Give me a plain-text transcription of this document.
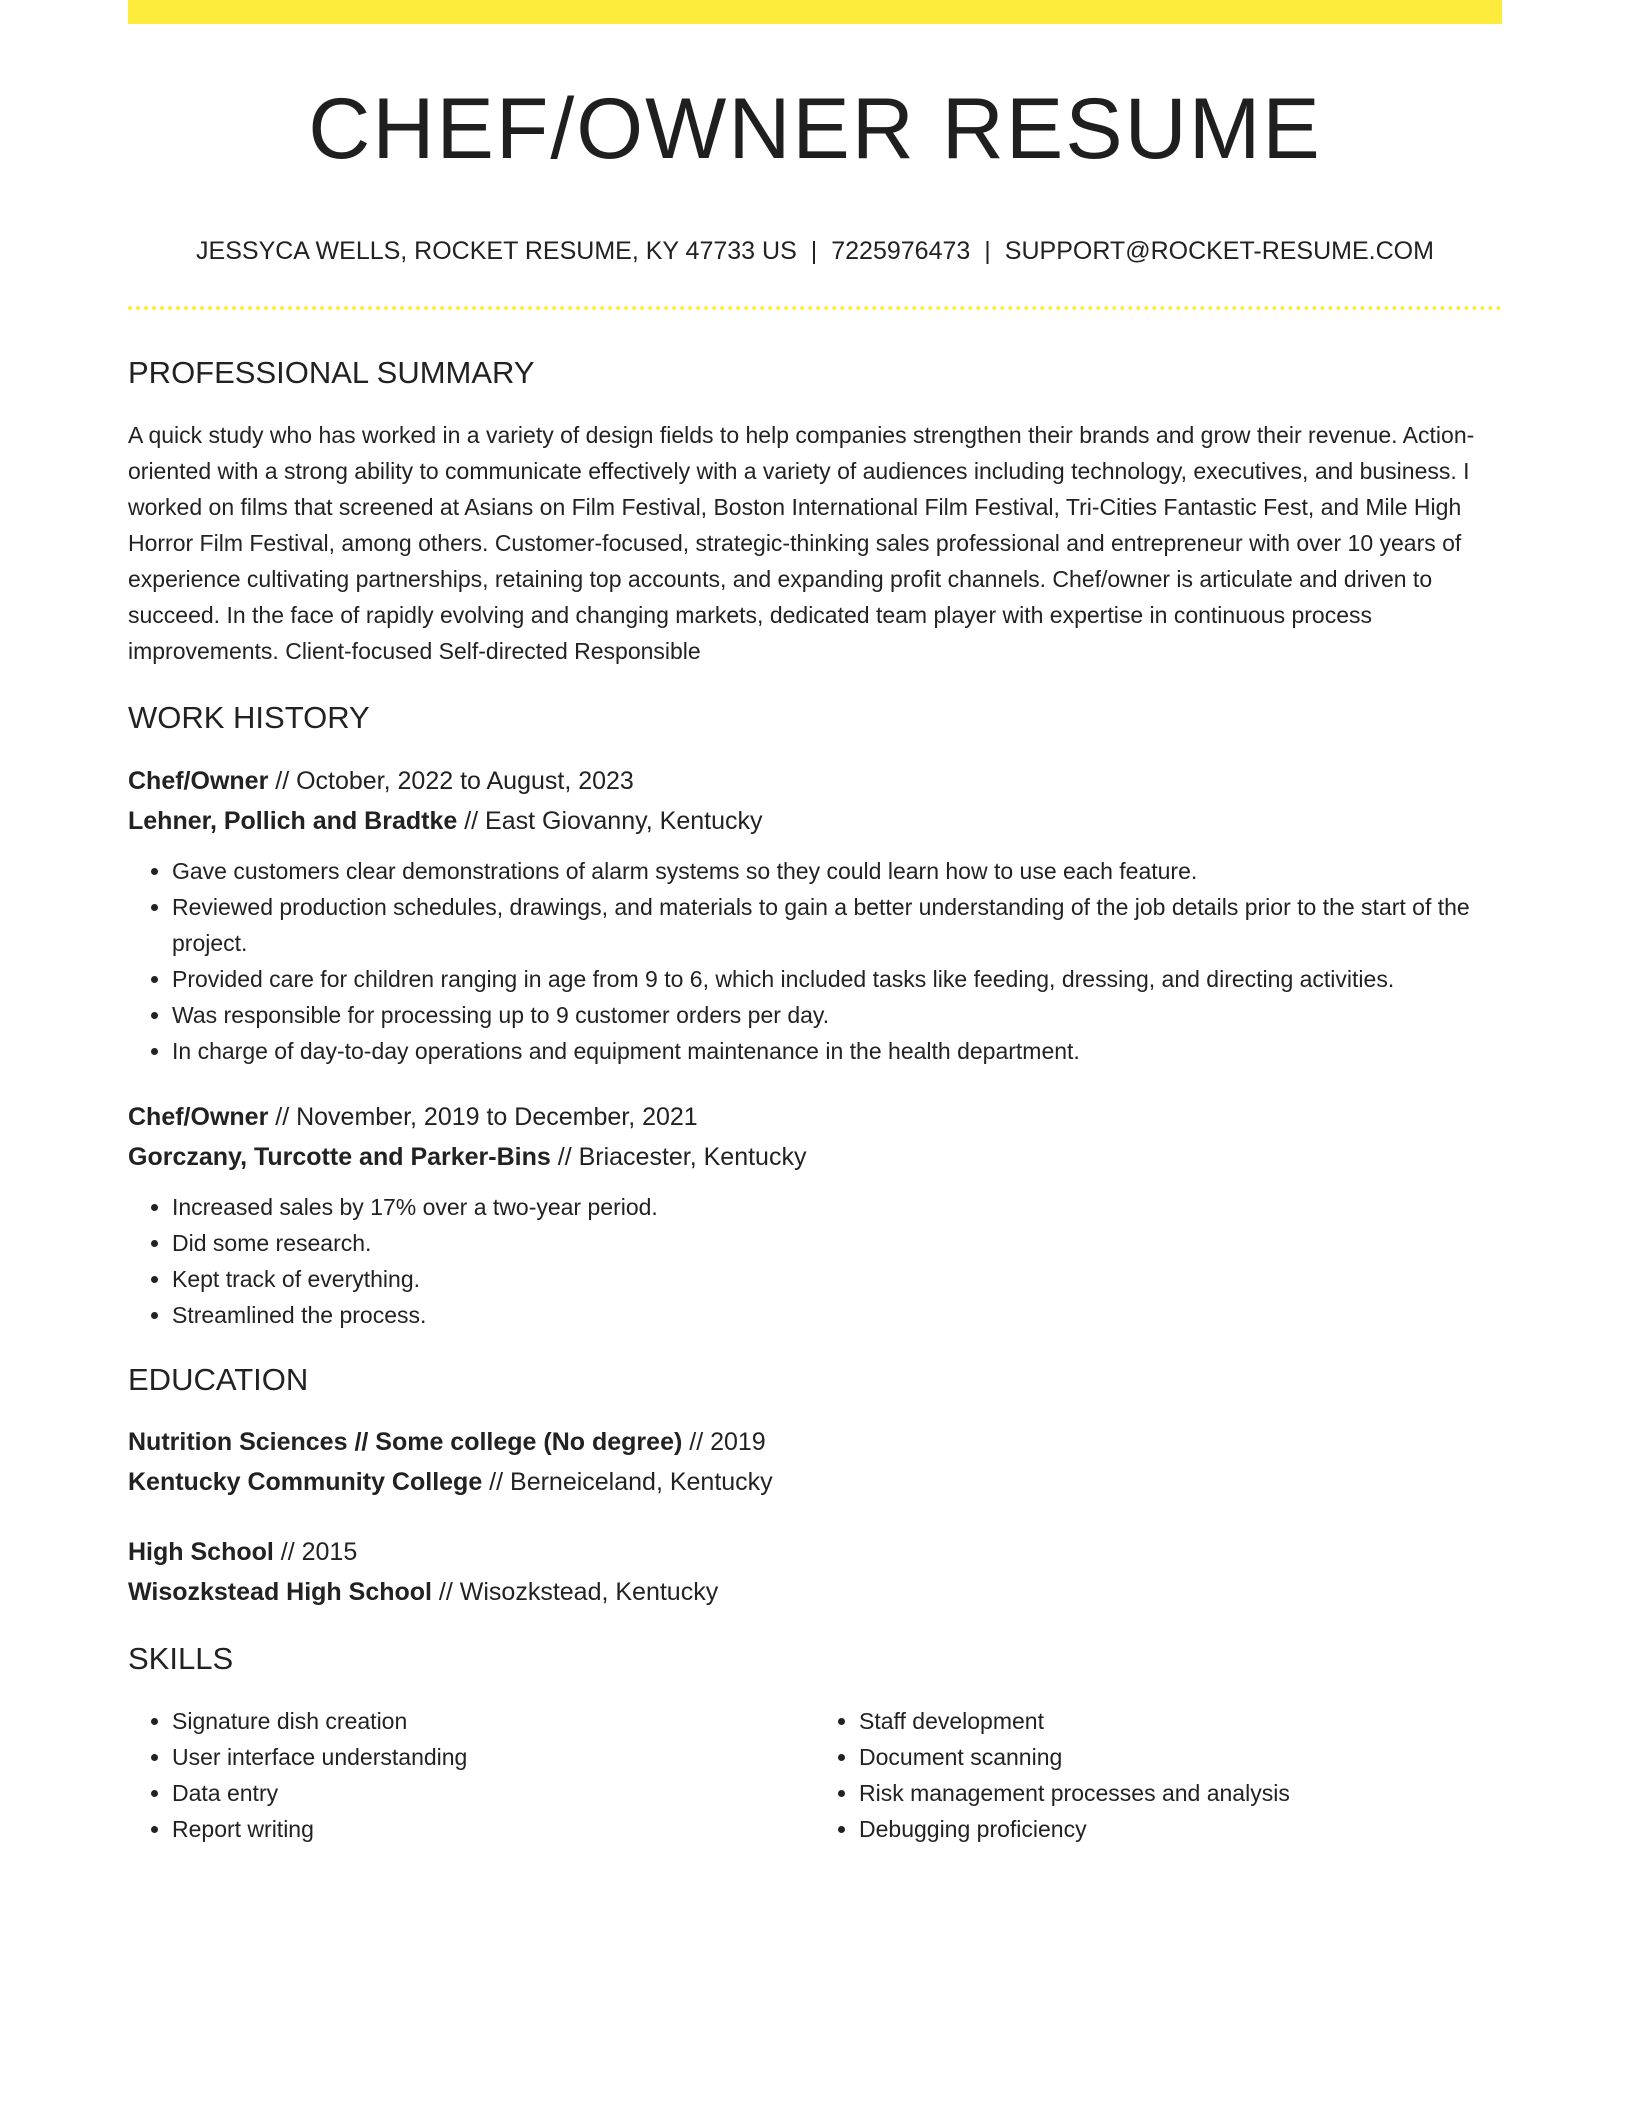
CHEF/OWNER RESUME
JESSYCA WELLS, ROCKET RESUME, KY 47733 US | 7225976473 | SUPPORT@ROCKET-RESUME.COM
PROFESSIONAL SUMMARY

A quick study who has worked in a variety of design fields to help companies strengthen their brands and grow their revenue. Action-oriented with a strong ability to communicate effectively with a variety of audiences including technology, executives, and business. I worked on films that screened at Asians on Film Festival, Boston International Film Festival, Tri-Cities Fantastic Fest, and Mile High Horror Film Festival, among others. Customer-focused, strategic-thinking sales professional and entrepreneur with over 10 years of experience cultivating partnerships, retaining top accounts, and expanding profit channels. Chef/owner is articulate and driven to succeed. In the face of rapidly evolving and changing markets, dedicated team player with expertise in continuous process improvements. Client-focused Self-directed Responsible

WORK HISTORY
Chef/Owner // October, 2022 to August, 2023
Lehner, Pollich and Bradtke // East Giovanny, Kentucky
• Gave customers clear demonstrations of alarm systems so they could learn how to use each feature.
• Reviewed production schedules, drawings, and materials to gain a better understanding of the job details prior to the start of the project.
• Provided care for children ranging in age from 9 to 6, which included tasks like feeding, dressing, and directing activities.
• Was responsible for processing up to 9 customer orders per day.
• In charge of day-to-day operations and equipment maintenance in the health department.
Chef/Owner // November, 2019 to December, 2021
Gorczany, Turcotte and Parker-Bins // Briacester, Kentucky
• Increased sales by 17% over a two-year period.
• Did some research.
• Kept track of everything.
• Streamlined the process.
EDUCATION
Nutrition Sciences // Some college (No degree) // 2019
Kentucky Community College // Berneiceland, Kentucky
High School // 2015
Wisozkstead High School // Wisozkstead, Kentucky
SKILLS
• Signature dish creation
• User interface understanding
• Data entry
• Report writing
• Staff development
• Document scanning
• Risk management processes and analysis
• Debugging proficiency
